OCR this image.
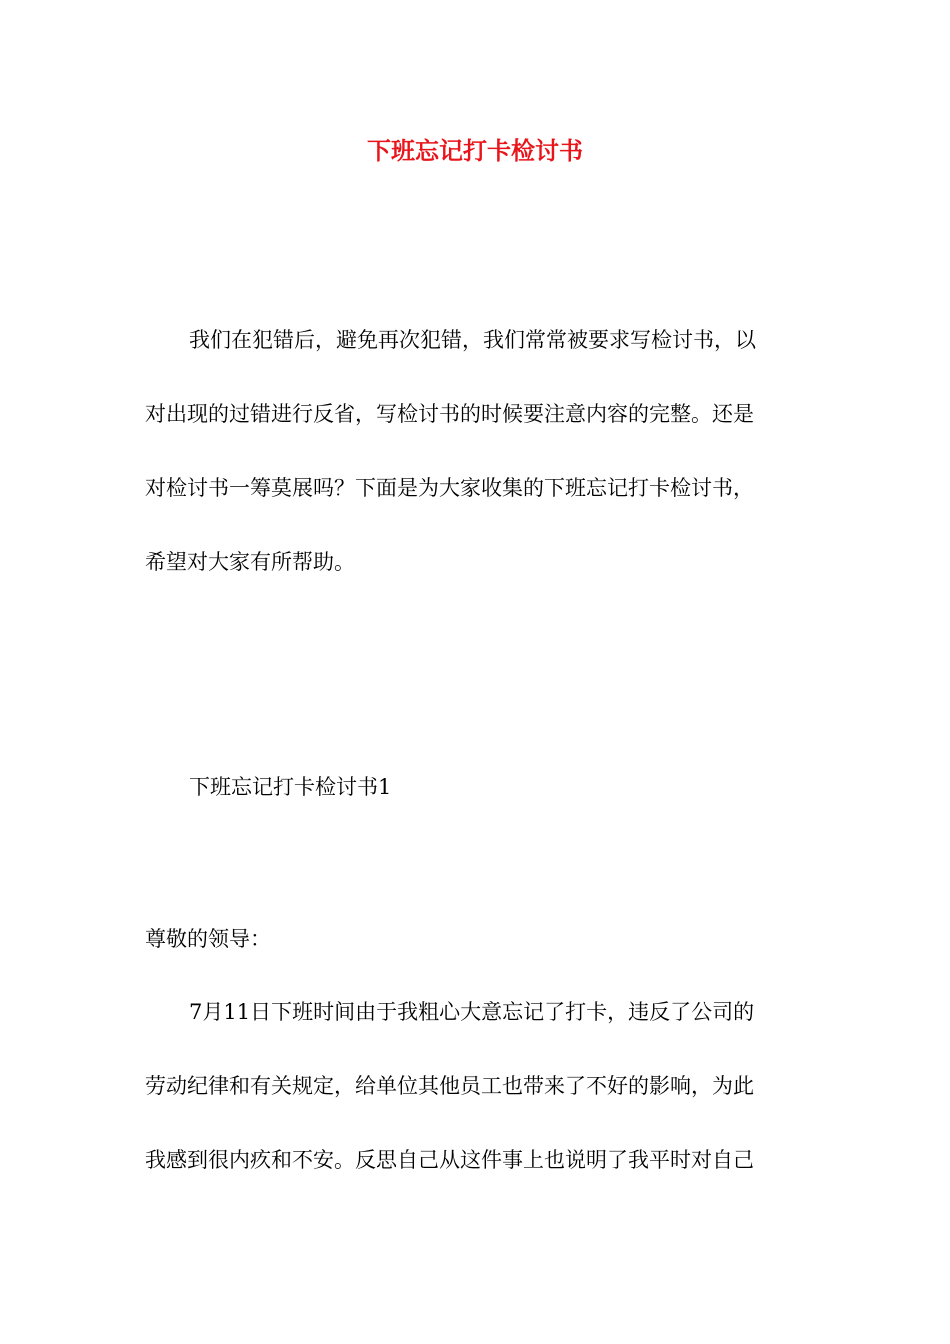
下班忘记打卡检讨书
我们在犯错后，避免再次犯错，我们常常被要求写检讨书，以
对出现的过错进行反省，写检讨书的时候要注意内容的完整。还是
对检讨书一筹莫展吗？下面是为大家收集的下班忘记打卡检讨书，
希望对大家有所帮助。
下班忘记打卡检讨书1

尊敬的领导：

7月11日下班时间由于我粗心大意忘记了打卡，违反了公司的
劳动纪律和有关规定，给单位其他员工也带来了不好的影响，为此
我感到很内疚和不安。反思自己从这件事上也说明了我平时对自己
